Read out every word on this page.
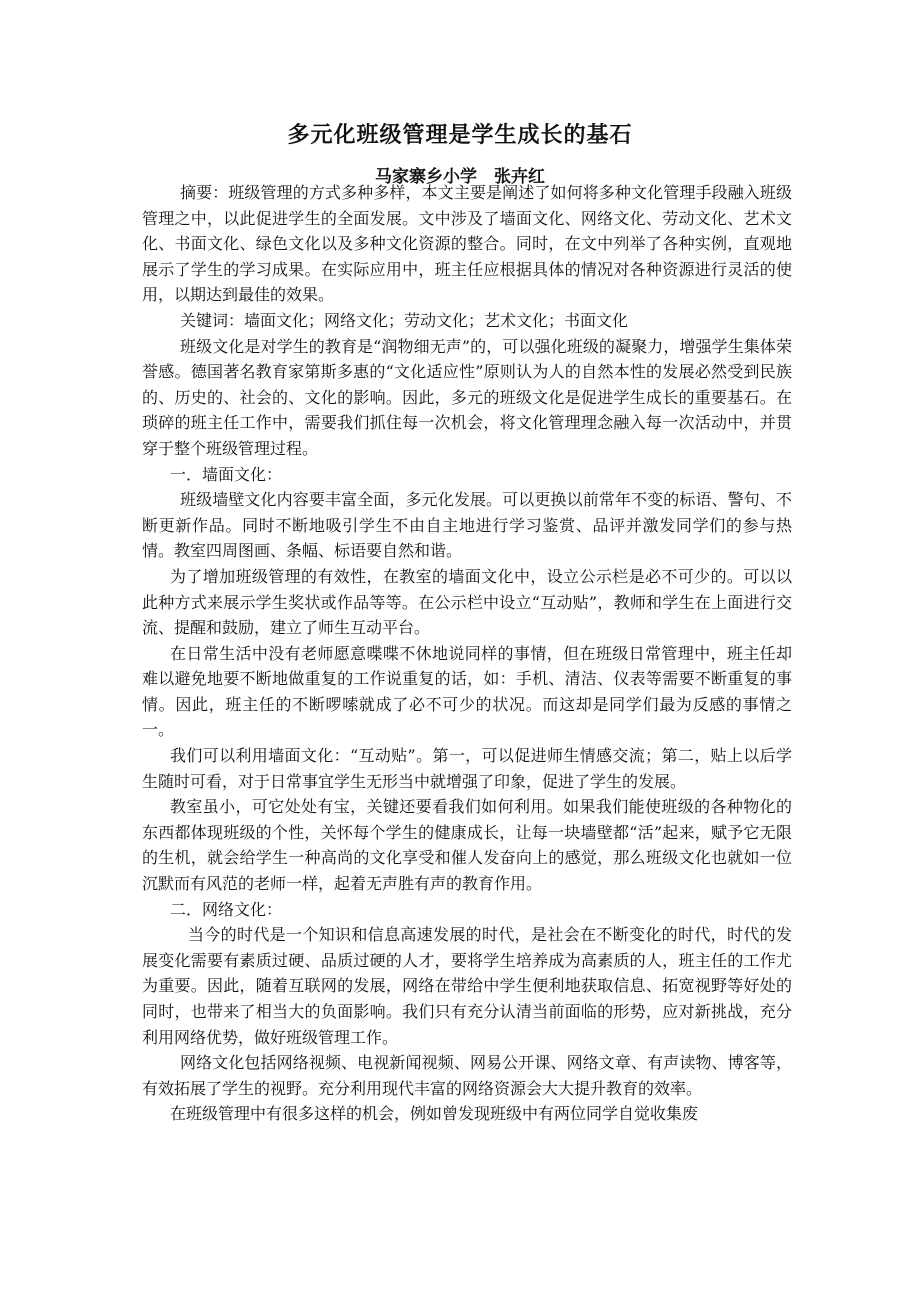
多元化班级管理是学生成长的基石
马家寨乡小学　张卉红

摘要：班级管理的方式多种多样，本文主要是阐述了如何将多种文化管理手段融入班级管理之中，以此促进学生的全面发展。文中涉及了墙面文化、网络文化、劳动文化、艺术文化、书面文化、绿色文化以及多种文化资源的整合。同时，在文中列举了各种实例，直观地展示了学生的学习成果。在实际应用中，班主任应根据具体的情况对各种资源进行灵活的使用，以期达到最佳的效果。

关键词：墙面文化；网络文化；劳动文化；艺术文化；书面文化

班级文化是对学生的教育是“润物细无声”的，可以强化班级的凝聚力，增强学生集体荣誉感。德国著名教育家第斯多惠的“文化适应性”原则认为人的自然本性的发展必然受到民族的、历史的、社会的、文化的影响。因此，多元的班级文化是促进学生成长的重要基石。在琐碎的班主任工作中，需要我们抓住每一次机会，将文化管理理念融入每一次活动中，并贯穿于整个班级管理过程。

一．墙面文化：

班级墙壁文化内容要丰富全面，多元化发展。可以更换以前常年不变的标语、警句、不断更新作品。同时不断地吸引学生不由自主地进行学习鉴赏、品评并激发同学们的参与热情。教室四周图画、条幅、标语要自然和谐。

为了增加班级管理的有效性，在教室的墙面文化中，设立公示栏是必不可少的。可以以此种方式来展示学生奖状或作品等等。在公示栏中设立“互动贴”，教师和学生在上面进行交流、提醒和鼓励，建立了师生互动平台。

在日常生活中没有老师愿意喋喋不休地说同样的事情，但在班级日常管理中，班主任却难以避免地要不断地做重复的工作说重复的话，如：手机、清洁、仪表等需要不断重复的事情。因此，班主任的不断啰嗦就成了必不可少的状况。而这却是同学们最为反感的事情之一。

我们可以利用墙面文化：“互动贴”。第一，可以促进师生情感交流；第二，贴上以后学生随时可看，对于日常事宜学生无形当中就增强了印象，促进了学生的发展。

教室虽小，可它处处有宝，关键还要看我们如何利用。如果我们能使班级的各种物化的东西都体现班级的个性，关怀每个学生的健康成长，让每一块墙壁都“活”起来，赋予它无限的生机，就会给学生一种高尚的文化享受和催人发奋向上的感觉，那么班级文化也就如一位沉默而有风范的老师一样，起着无声胜有声的教育作用。

二．网络文化：

当今的时代是一个知识和信息高速发展的时代，是社会在不断变化的时代，时代的发展变化需要有素质过硬、品质过硬的人才，要将学生培养成为高素质的人，班主任的工作尤为重要。因此，随着互联网的发展，网络在带给中学生便利地获取信息、拓宽视野等好处的同时，也带来了相当大的负面影响。我们只有充分认清当前面临的形势，应对新挑战，充分利用网络优势，做好班级管理工作。

网络文化包括网络视频、电视新闻视频、网易公开课、网络文章、有声读物、博客等，有效拓展了学生的视野。充分利用现代丰富的网络资源会大大提升教育的效率。

在班级管理中有很多这样的机会，例如曾发现班级中有两位同学自觉收集废
